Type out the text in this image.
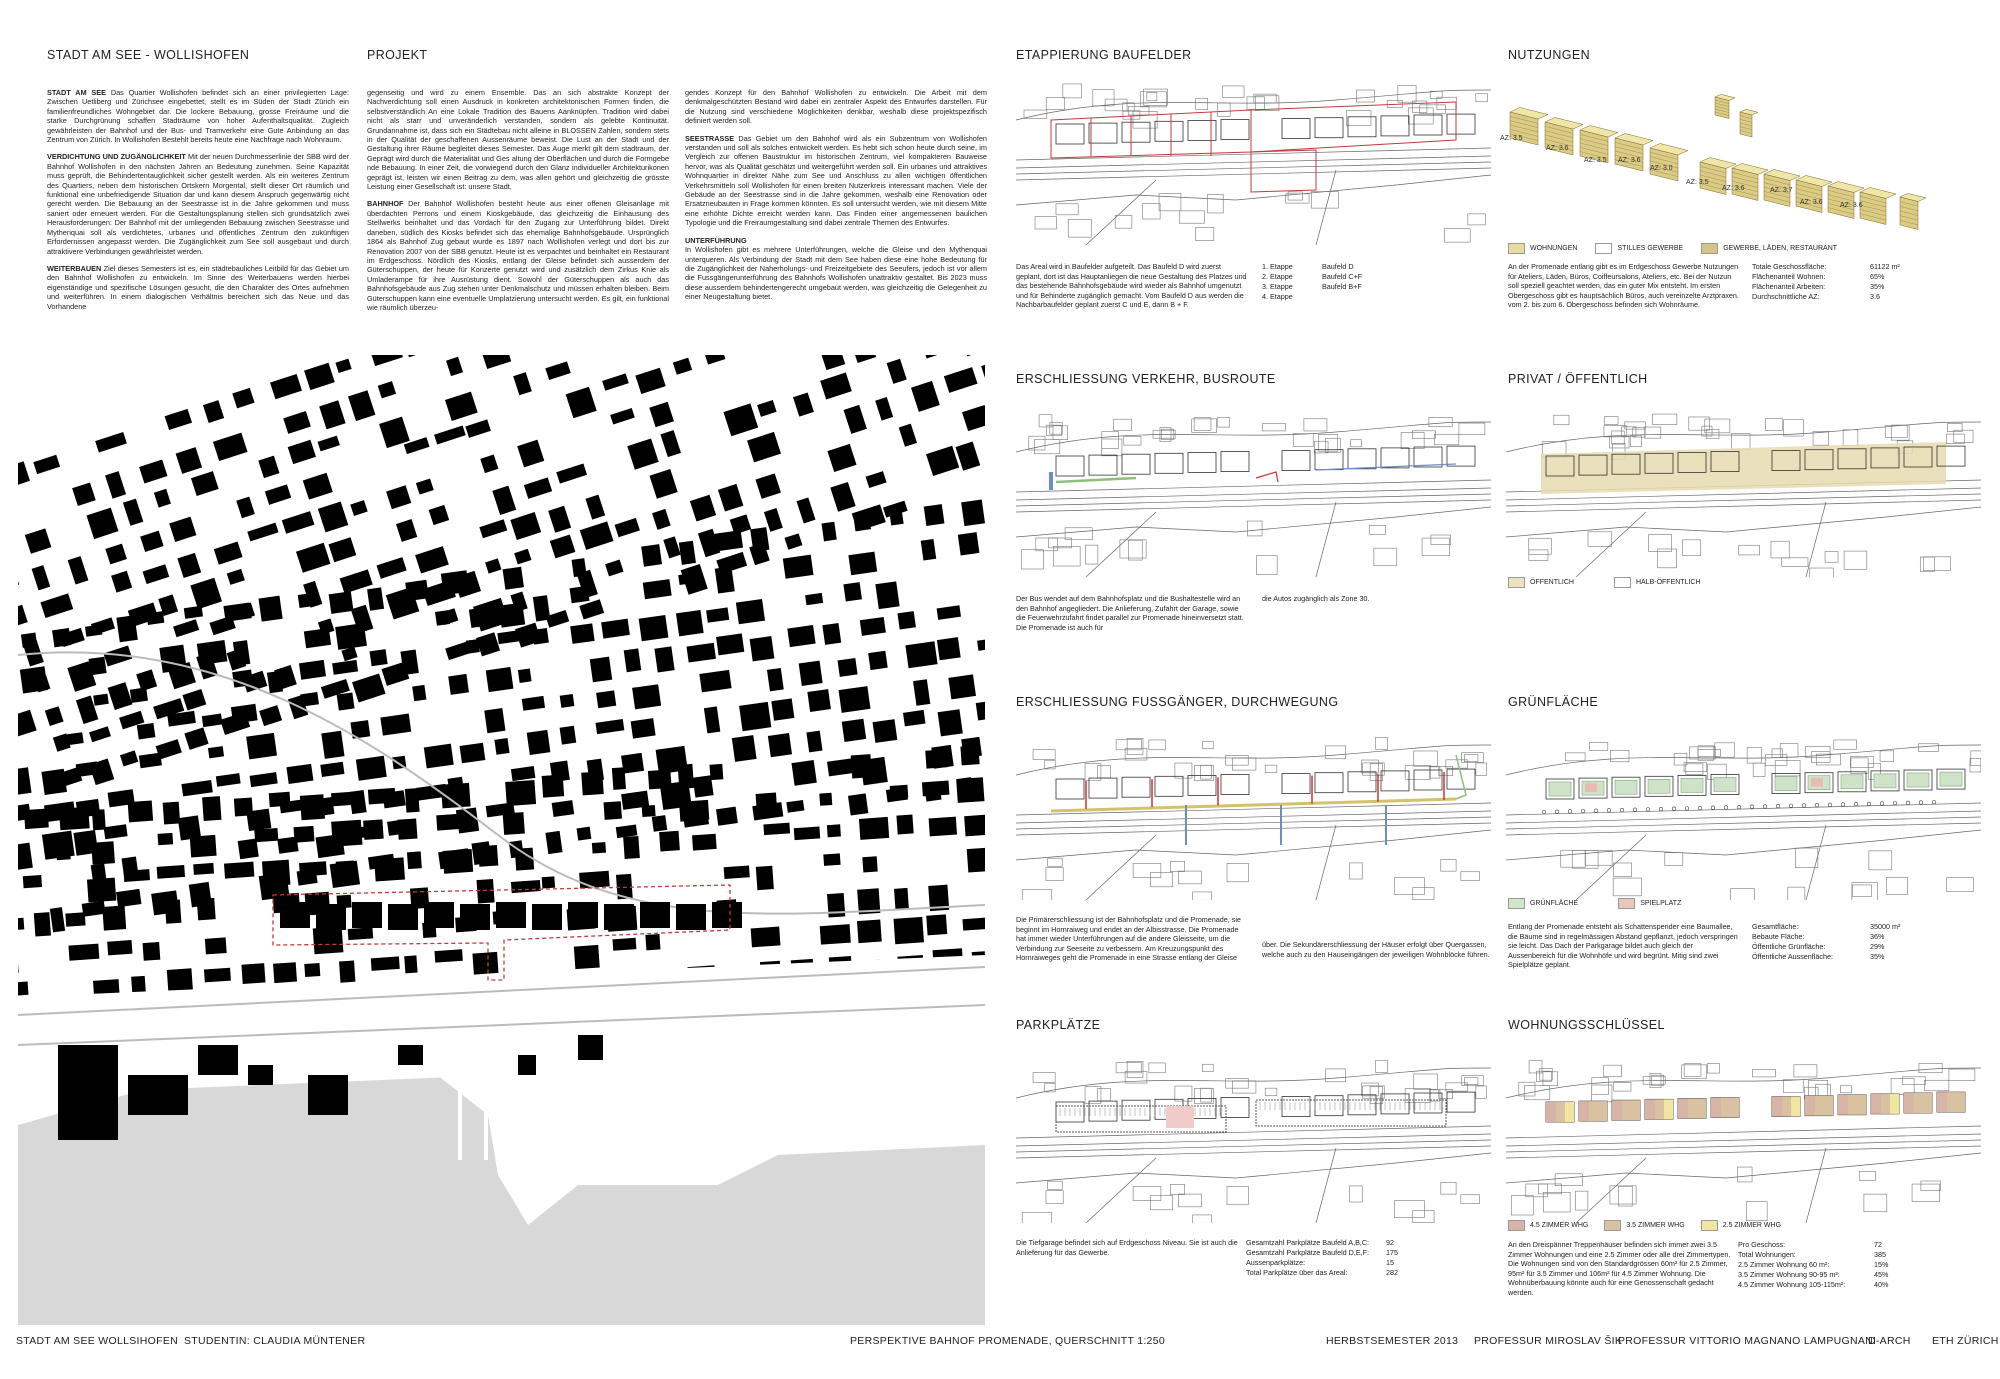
STADT AM SEE - WOLLISHOFEN

STADT AM SEE Das Quartier Wollishofen befindet sich an einer privilegierten Lage: Zwischen Uetliberg und Zürichsee eingebettet, stellt es im Süden der Stadt Zürich ein familienfreundliches Wohngebiet dar. Die lockere Bebauung, grosse Freiräume und die starke Durchgrünung schaffen Stadträume von hoher Aufenthaltsqualität. Zugleich gewährleisten der Bahnhof und der Bus- und Tramverkehr eine Gute Anbindung an das Zentrum von Zürich. In Wollishofen Bestehlt bereits heute eine Nachfrage nach Wohnraum.

VERDICHTUNG UND ZUGÄNGLICHKEIT Mit der neuen Durchmesserlinie der SBB wird der Bahnhof Wollishofen in den nächsten Jahren an Bedeutung zunehmen. Seine Kapazität muss geprüft, die Behindertentauglichkeit sicher gestellt werden. Als ein weiteres Zentrum des Quartiers, neben dem historischen Ortskern Morgental, stellt dieser Ort räumlich und funktional eine unbefriedigende Situation dar und kann diesem Anspruch gegenwärtig nicht gerecht werden. Die Bebauung an der Seestrasse ist in die Jahre gekommen und muss saniert oder erneuert werden. Für die Gestaltungsplanung stellen sich grundsätzlich zwei Herausforderungen: Der Bahnhof mit der umliegenden Bebauung zwischen Seestrasse und Mythenquai soll als verdichtetes, urbanes und öffentliches Zentrum den zukünftigen Erfordernissen angepasst werden. Die Zugänglichkeit zum See soll ausgebaut und durch attraktivere Verbindungen gewährleistet werden.

WEITERBAUEN Ziel dieses Semesters ist es, ein städtebauliches Leitbild für das Gebiet um den Bahnhof Wollishofen zu entwickeln. Im Sinne des Weiterbauens werden hierbei eigenständige und spezifische Lösungen gesucht, die den Charakter des Ortes aufnehmen und weiterführen. In einem dialogischen Verhältnis bereichert sich das Neue und das Vorhandene

PROJEKT

gegenseitig und wird zu einem Ensemble. Das an sich abstrakte Konzept der Nachverdichtung soll einen Ausdruck in konkreten architektonischen Formen finden, die selbstverständlich An eine Lokale Tradition des Bauens Aanknüpfen. Tradition wird dabei nicht als starr und unveränderlich verstanden, sondern als gelebte Kontinuität. Grundannahme ist, dass sich ein Städtebau nicht alleine in BLOSSEN Zahlen, sondern stets in der Qualität der geschaffenen Aussenräume beweist. Die Lust an der Stadt und der Gestaltung ihrer Räume begleitet dieses Semester. Das Auge merkt gilt dem stadtraum, der Geprägt wird durch die Materialität und Ges altung der Oberflächen und durch die Formgebe nde Bebauung. In einer Zeit, die vorwiegend durch den Glanz individueller Architekturikonen geprägt ist, leisten wir einen Beitrag zu dem, was allen gehört und gleichzeitig die grösste Leistung einer Gesellschaft ist: unsere Stadt.

BAHNHOF Der Bahnhof Wollishofen besteht heute aus einer offenen Gleisanlage mit überdachten Perrons und einem Kioskgebäude, das gleichzeitig die Einhausung des Stellwerks beinhaltet und das Vordach für den Zugang zur Unterführung bildet. Direkt daneben, südlich des Kiosks befindet sich das ehemalige Bahnhofsgebäude. Ursprünglich 1864 als Bahnhof Zug gebaut wurde es 1897 nach Wollishofen verlegt und dort bis zur Renovation 2007 von der SBB genutzt. Heute ist es verpachtet und beinhaltet ein Restaurant im Erdgeschoss. Nördlich des Kiosks, entlang der Gleise befindet sich ausserdem der Güterschuppen, der heute für Konzerte genutzt wird und zusätzlich dem Zirkus Knie als Umladerampe für ihre Ausrüstung dient. Sowohl der Güterschuppen als auch das Bahnhofsgebäude aus Zug stehen unter Denkmalschutz und müssen erhalten bleiben. Beim Güterschuppen kann eine eventuelle Umplatzierung untersucht werden. Es gilt, ein funktional wie räumlich überzeu-

gendes Konzept für den Bahnhof Wollishofen zu entwickeln. Die Arbeit mit dem denkmalgeschützten Bestand wird dabei ein zentraler Aspekt des Entwurfes darstellen. Für die Nutzung sind verschiedene Möglichkeiten denkbar, weshalb diese projektspezifisch definiert werden soll.

SEESTRASSE Das Gebiet um den Bahnhof wird als ein Subzentrum von Wollishofen verstanden und soll als solches entwickelt werden. Es hebt sich schon heute durch seine, im Vergleich zur offenen Baustruktur im historischen Zentrum, viel kompakteren Bauweise hervor, was als Qualität geschätzt und weitergeführt werden soll. Ein urbanes und attraktives Wohnquartier in direkter Nähe zum See und Anschluss zu allen wichtigen öffentlichen Verkehrsmitteln soll Wollishofen für einen breiten Nutzerkreis interessant machen. Viele der Gebäude an der Seestrasse sind in die Jahre gekommen, weshalb eine Renovation oder Ersatzneubauten in Frage kommen könnten. Es soll untersucht werden, wie mit diesem Mitte eine erhöhte Dichte erreicht werden kann. Das Finden einer angemessenen baulichen Typologie und die Freiraumgestaltung sind dabei zentrale Themen des Entwurfes.

UNTERFÜHRUNG

In Wollishofen gibt es mehrere Unterführungen, welche die Gleise und den Mythenquai unterqueren. Als Verbindung der Stadt mit dem See haben diese eine hohe Bedeutung für die Zugänglichkeit der Naherholungs- und Freizeitgebiete des Seeufers, jedoch ist vor allem die Fussgängerunterführung des Bahnhofs Wollishofen unattraktiv gestaltet. Bis 2023 muss diese ausserdem behindertengerecht umgebaut werden, was gleichzeitig die Gelegenheit zu einer Neugestaltung bietet.

ETAPPIERUNG BAUFELDER
Das Areal wird in Baufelder aufgeteilt. Das Baufeld D wird zuerst geplant, dort ist das Hauptanliegen die neue Gestaltung des Platzes und das bestehende Bahnhofsgebäude wird wieder als Bahnhof umgenutzt und für Behinderte zugänglich gemacht. Vom Baufeld D aus werden die Nachbarbaufelder geplant zuerst C und E, dann B + F.
1. Etappe	Baufeld D
2. Etappe	Baufeld C+F
3. Etappe	Baufeld B+F
4. Etappe
ERSCHLIESSUNG VERKEHR, BUSROUTE
Der Bus wendet auf dem Bahnhofsplatz und die Bushaltestelle wird an den Bahnhof angegliedert. Die Anlieferung, Zufahrt der Garage, sowie die Feuerwehrzufahrt findet parallel zur Promenade hineinversetzt statt. Die Promenade ist auch für
die Autos zugänglich als Zone 30.
ERSCHLIESSUNG FUSSGÄNGER, DURCHWEGUNG
Die Primärerschliessung ist der Bahnhofsplatz und die Promenade, sie beginnt im Hornraiweg und endet an der Albisstrasse. Die Promenade hat immer wieder Unterführungen auf die andere Gleisseite, um die Verbindung zur Seeseite zu verbessern. Am Kreuzungspunkt des Hornraiweges geht die Promenade in eine Strasse entlang der Gleise
über. Die Sekundärerschliessung der Häuser erfolgt über Quergassen, welche auch zu den Hauseingängen der jeweiligen Wohnblöcke führen.
PARKPLÄTZE
Die Tiefgarage befindet sich auf Erdgeschoss Niveau. Sie ist auch die Anlieferung für das Gewerbe.
Gesamtzahl Parkplätze Baufeld A,B,C:	92
Gesamtzahl Parkplätze Baufeld D,E,F:	175
Aussenparkplätze:	15
Total Parkplätze über das Areal:	282
NUTZUNGEN
AZ: 3.5
AZ: 3.6
AZ: 3.5 AZ: 3.6
AZ: 3.0
AZ: 3.5
AZ: 3.6	AZ: 3.7
AZ: 3.6 AZ: 3.6
WOHNUNGEN	STILLES GEWERBE	GEWERBE, LÄDEN, RESTAURANT
An der Promenade entlang gibt es im Erdgeschoss Gewerbe Nutzungen für Ateliers, Läden, Büros, Coiffeursalons, Ateliers, etc. Bei der Nutzun soll speziell geachtet werden, das ein guter Mix entsteht. Im ersten Obergeschoss gibt es hauptsächlich Büros, auch vereinzelte Arztpraxen. vom 2. bis zum 6. Obergeschoss befinden sich Wohnräume.
Totale Geschossfläche:	61122 m²
Flächenanteil Wohnen:	65%
Flächenanteil Arbeiten:	35%
Durchschnittliche AZ:	3.6
PRIVAT / ÖFFENTLICH
ÖFFENTLICH	HALB-ÖFFENTLICH
GRÜNFLÄCHE
GRÜNFLÄCHE	SPIELPLATZ
Entlang der Promenade entsteht als Schattenspender eine Baumallee, die Bäume sind in regelmässigen Abstand gepflanzt, jedoch verspringen sie leicht. Das Dach der Parkgarage bildet auch gleich der Aussenbereich für die Wohnhöfe und wird begrünt. Mitig sind zwei Spielplätze geplant.
Gesamtfläche:	35000 m²
Bebaute Fläche:	36%
Öffentliche Grünfläche:	29%
Öffentliche Aussenfläche:	35%
WOHNUNGSSCHLÜSSEL
4.5 ZIMMER WHG	3.5 ZIMMER WHG	2.5 ZIMMER WHG
An den Dreispänner Treppenhäuser befinden sich immer zwei 3.5 Zimmer Wohnungen und eine 2.5 Zimmer oder alle drei Zimmertypen. Die Wohnungen sind von den Standardgrössen 60m² für 2.5 Zimmer, 95m² für 3.5 Zimmer und 106m² für 4.5 Zimmer Wohnung. Die Wohnüberbauung könnte auch für eine Genossenschaft gedacht werden.
Pro Geschoss:	72
Total Wohnungen:	385
2.5 Zimmer Wohnung 60 m²:	15%
3.5 Zimmer Wohnung 90-95 m²:	45%
4.5 Zimmer Wohnung 105-115m²:	40%
STADT AM SEE WOLLSIHOFEN STUDENTIN: CLAUDIA MÜNTENER	PERSPEKTIVE BAHNOF PROMENADE, QUERSCHNITT 1:250	HERBSTSEMESTER 2013 PROFESSUR MIROSLAV ŠIK
PROFESSUR VITTORIO MAGNANO LAMPUGNANI
D-ARCH ETH ZÜRICH
